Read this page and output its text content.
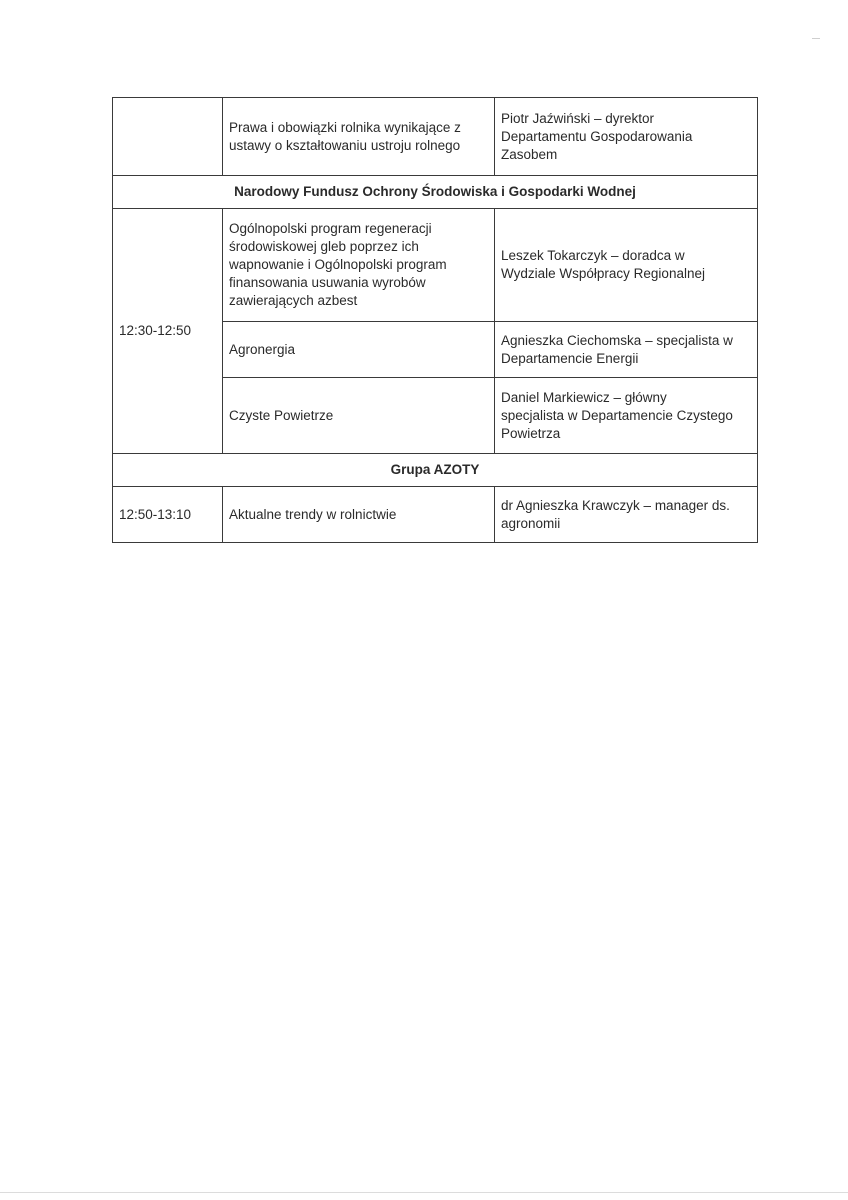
	Prawa i obowiązki rolnika wynikające z
ustawy o kształtowaniu ustroju rolnego	Piotr Jaźwiński – dyrektor
Departamentu Gospodarowania
Zasobem
Narodowy Fundusz Ochrony Środowiska i Gospodarki Wodnej		
12:30-12:50	Ogólnopolski program regeneracji
środowiskowej gleb poprzez ich
wapnowanie i Ogólnopolski program
finansowania usuwania wyrobów
zawierających azbest	Leszek Tokarczyk – doradca w
Wydziale Współpracy Regionalnej
	Agronergia	Agnieszka Ciechomska – specjalista w
Departamencie Energii
	Czyste Powietrze	Daniel Markiewicz – główny
specjalista w Departamencie Czystego
Powietrza
Grupa AZOTY		
12:50-13:10	Aktualne trendy w rolnictwie	dr Agnieszka Krawczyk – manager ds.
agronomii
